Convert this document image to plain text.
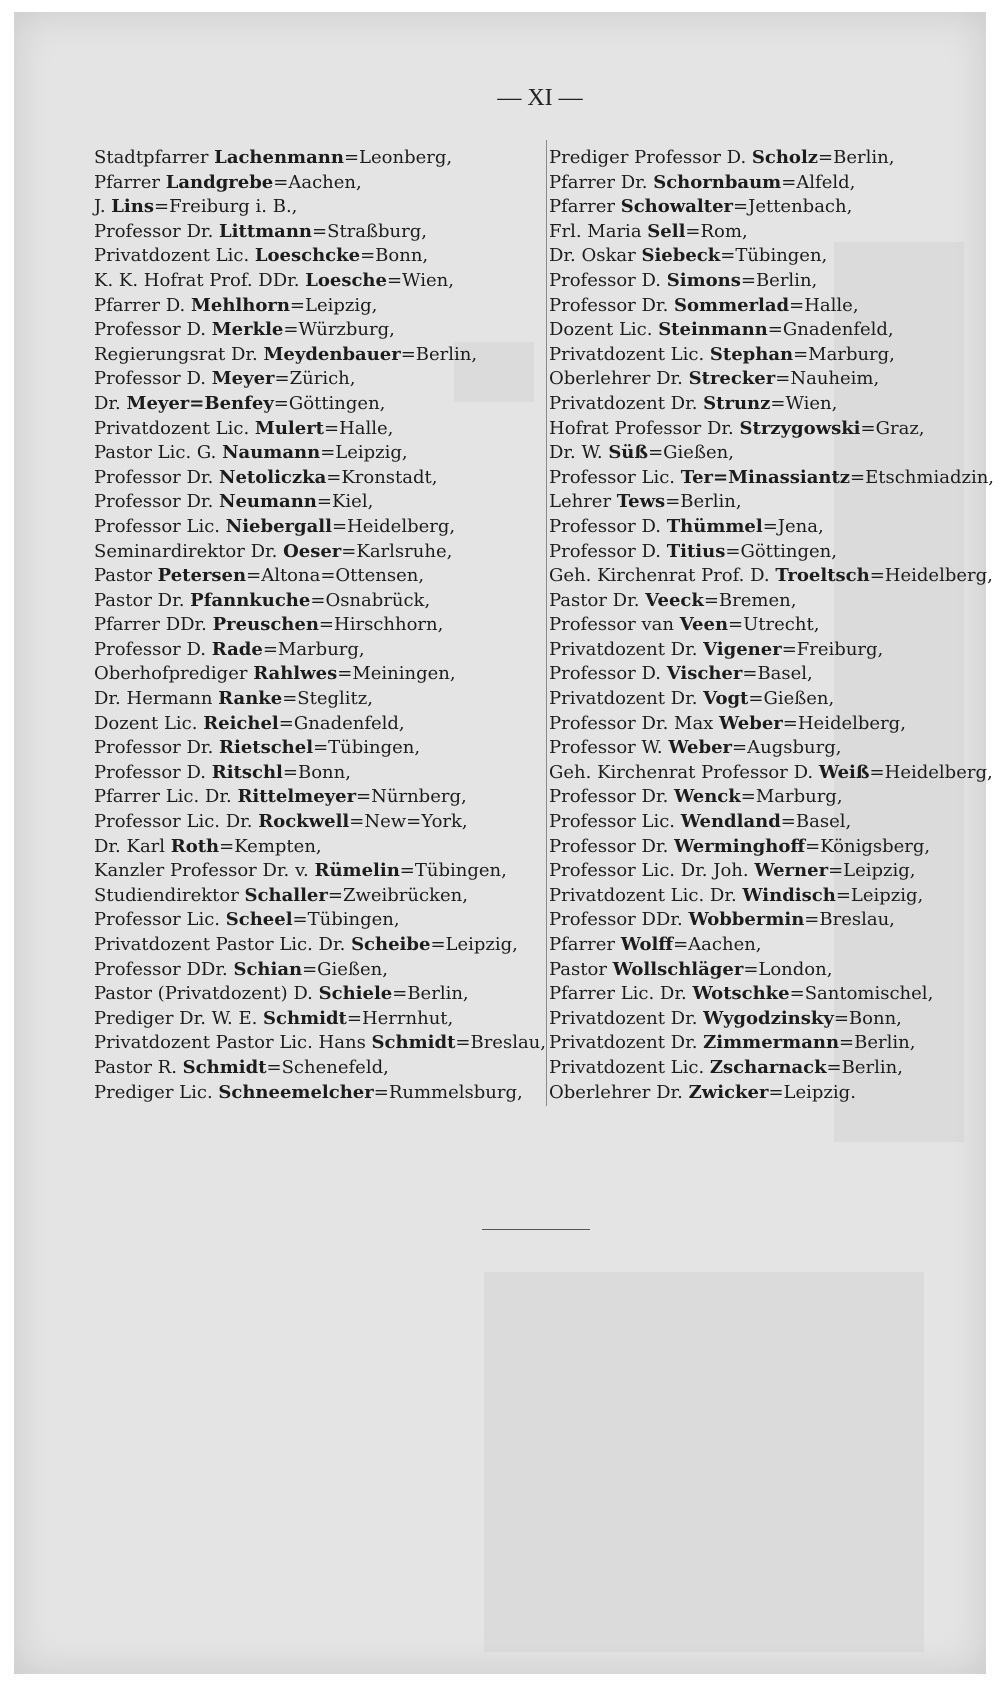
— XI —
Stadtpfarrer Lachenmann=Leonberg,
Pfarrer Landgrebe=Aachen,
J. Lins=Freiburg i. B.,
Professor Dr. Littmann=Straßburg,
Privatdozent Lic. Loeschcke=Bonn,
K. K. Hofrat Prof. DDr. Loesche=Wien,
Pfarrer D. Mehlhorn=Leipzig,
Professor D. Merkle=Würzburg,
Regierungsrat Dr. Meydenbauer=Berlin,
Professor D. Meyer=Zürich,
Dr. Meyer=Benfey=Göttingen,
Privatdozent Lic. Mulert=Halle,
Pastor Lic. G. Naumann=Leipzig,
Professor Dr. Netoliczka=Kronstadt,
Professor Dr. Neumann=Kiel,
Professor Lic. Niebergall=Heidelberg,
Seminardirektor Dr. Oeser=Karlsruhe,
Pastor Petersen=Altona=Ottensen,
Pastor Dr. Pfannkuche=Osnabrück,
Pfarrer DDr. Preuschen=Hirschhorn,
Professor D. Rade=Marburg,
Oberhofprediger Rahlwes=Meiningen,
Dr. Hermann Ranke=Steglitz,
Dozent Lic. Reichel=Gnadenfeld,
Professor Dr. Rietschel=Tübingen,
Professor D. Ritschl=Bonn,
Pfarrer Lic. Dr. Rittelmeyer=Nürnberg,
Professor Lic. Dr. Rockwell=New=York,
Dr. Karl Roth=Kempten,
Kanzler Professor Dr. v. Rümelin=Tübingen,
Studiendirektor Schaller=Zweibrücken,
Professor Lic. Scheel=Tübingen,
Privatdozent Pastor Lic. Dr. Scheibe=Leipzig,
Professor DDr. Schian=Gießen,
Pastor (Privatdozent) D. Schiele=Berlin,
Prediger Dr. W. E. Schmidt=Herrnhut,
Privatdozent Pastor Lic. Hans Schmidt=Breslau,
Pastor R. Schmidt=Schenefeld,
Prediger Lic. Schneemelcher=Rummelsburg,
Prediger Professor D. Scholz=Berlin,
Pfarrer Dr. Schornbaum=Alfeld,
Pfarrer Schowalter=Jettenbach,
Frl. Maria Sell=Rom,
Dr. Oskar Siebeck=Tübingen,
Professor D. Simons=Berlin,
Professor Dr. Sommerlad=Halle,
Dozent Lic. Steinmann=Gnadenfeld,
Privatdozent Lic. Stephan=Marburg,
Oberlehrer Dr. Strecker=Nauheim,
Privatdozent Dr. Strunz=Wien,
Hofrat Professor Dr. Strzygowski=Graz,
Dr. W. Süß=Gießen,
Professor Lic. Ter=Minassiantz=Etschmiadzin,
Lehrer Tews=Berlin,
Professor D. Thümmel=Jena,
Professor D. Titius=Göttingen,
Geh. Kirchenrat Prof. D. Troeltsch=Heidelberg,
Pastor Dr. Veeck=Bremen,
Professor van Veen=Utrecht,
Privatdozent Dr. Vigener=Freiburg,
Professor D. Vischer=Basel,
Privatdozent Dr. Vogt=Gießen,
Professor Dr. Max Weber=Heidelberg,
Professor W. Weber=Augsburg,
Geh. Kirchenrat Professor D. Weiß=Heidelberg,
Professor Dr. Wenck=Marburg,
Professor Lic. Wendland=Basel,
Professor Dr. Werminghoff=Königsberg,
Professor Lic. Dr. Joh. Werner=Leipzig,
Privatdozent Lic. Dr. Windisch=Leipzig,
Professor DDr. Wobbermin=Breslau,
Pfarrer Wolff=Aachen,
Pastor Wollschläger=London,
Pfarrer Lic. Dr. Wotschke=Santomischel,
Privatdozent Dr. Wygodzinsky=Bonn,
Privatdozent Dr. Zimmermann=Berlin,
Privatdozent Lic. Zscharnack=Berlin,
Oberlehrer Dr. Zwicker=Leipzig.
